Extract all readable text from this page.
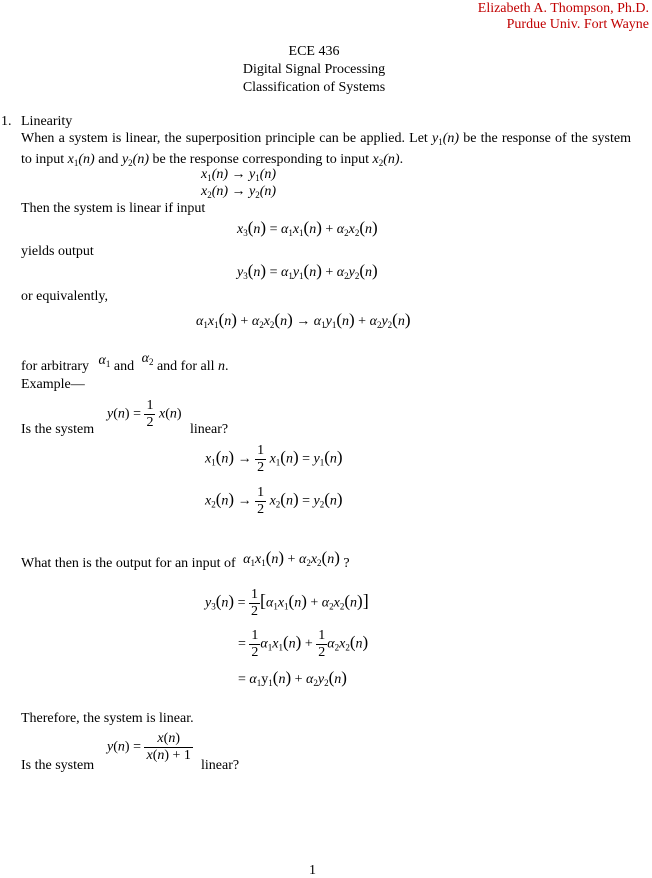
Elizabeth A. Thompson, Ph.D.
Purdue Univ. Fort Wayne
ECE 436
Digital Signal Processing
Classification of Systems
1. Linearity
When a system is linear, the superposition principle can be applied. Let $y_1(n)$ be the response of the system to input $x_1(n)$ and $y_2(n)$ be the response corresponding to input $x_2(n)$.
$x_1(n) \to y_1(n)$
$x_2(n) \to y_2(n)$
Then the system is linear if input
$x_3(n) = \alpha_1x_1(n) + \alpha_2x_2(n)$
yields output
$y_3(n) = \alpha_1y_1(n) + \alpha_2y_2(n)$
or equivalently,
$\alpha_1x_1(n) + \alpha_2x_2(n) \to \alpha_1y_1(n) + \alpha_2y_2(n)$
for arbitrary $\alpha_1$ and $\alpha_2$ and for all n.
Example—
Is the system
$y(n) = \frac{1}{2} x(n)$
linear?
$x_1(n) \to \frac{1}{2} x_1(n) = y_1(n)$
$x_2(n) \to \frac{1}{2} x_2(n) = y_2(n)$
What then is the output for an input of $\alpha_1x_1(n) + \alpha_2x_2(n)$ ?
$y_3(n) = \frac{1}{2} [\alpha_1x_1(n) + \alpha_2x_2(n)]$
= $\frac{1}{2} \alpha_1x_1(n) + \frac{1}{2} \alpha_2x_2(n)$
= $\alpha_1y_1(n) + \alpha_2y_2(n)$
Therefore, the system is linear.
Is the system
$y(n) = \frac{x(n)}{x(n) + 1}$
linear?
1
